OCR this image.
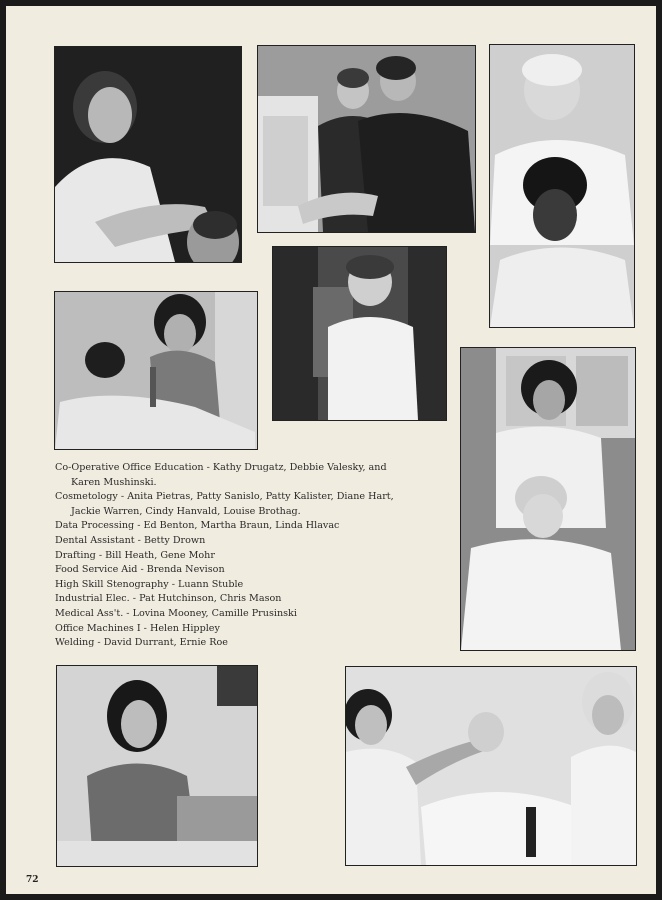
Co-Operative Office Education - Kathy Drugatz, Debbie Valesky, and
Karen Mushinski.
Cosmetology - Anita Pietras, Patty Sanislo, Patty Kalister, Diane Hart,
Jackie Warren, Cindy Hanvald, Louise Brothag.
Data Processing - Ed Benton, Martha Braun, Linda Hlavac
Dental Assistant - Betty Drown
Drafting - Bill Heath, Gene Mohr
Food Service Aid - Brenda Nevison
High Skill Stenography - Luann Stuble
Industrial Elec. - Pat Hutchinson, Chris Mason
Medical Ass't. - Lovina Mooney, Camille Prusinski
Office Machines I - Helen Hippley
Welding - David Durrant, Ernie Roe
72
